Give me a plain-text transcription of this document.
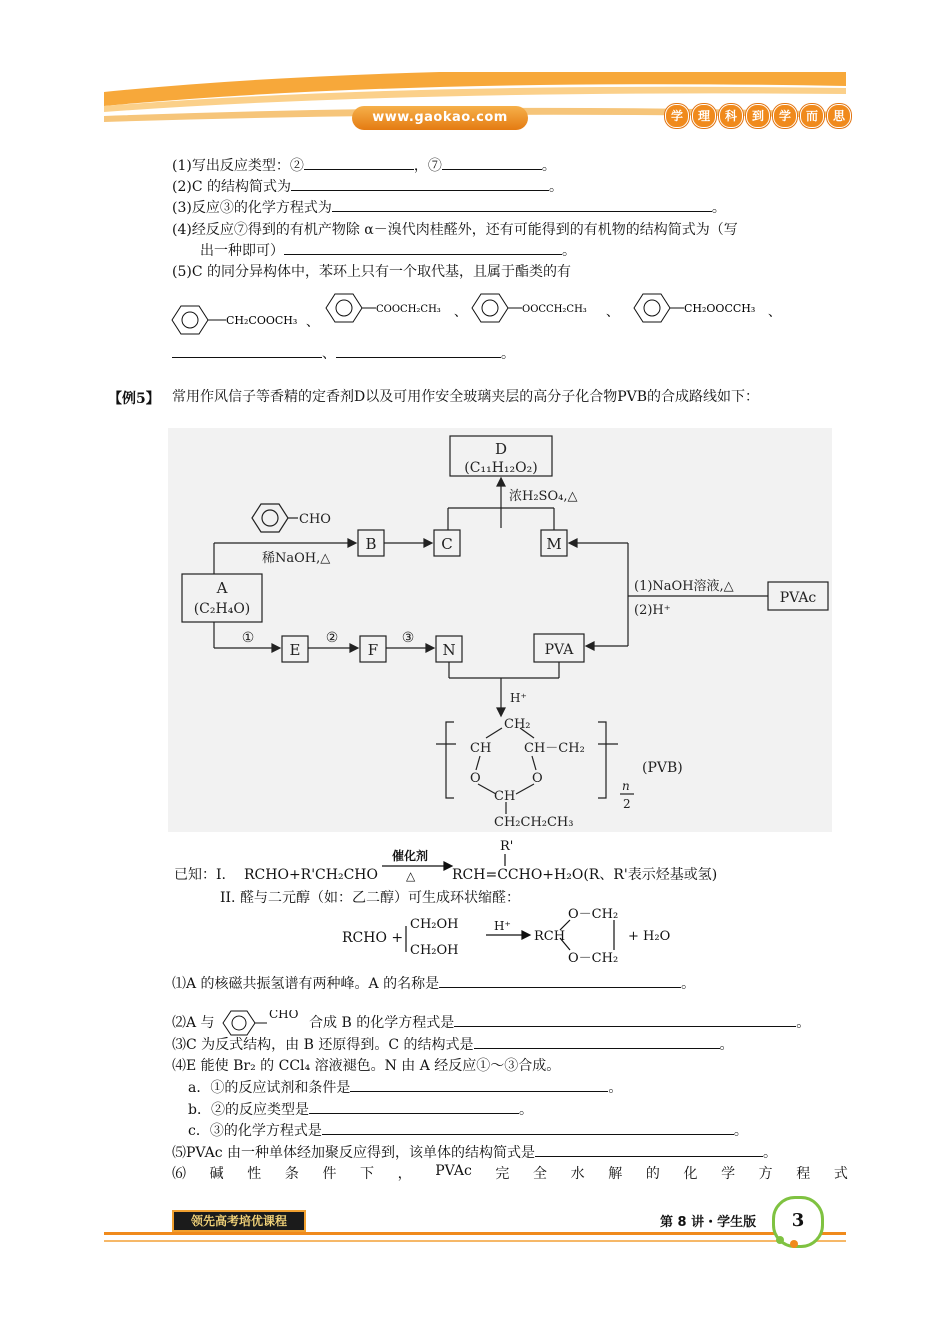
www.gaokao.com	学	理	科	到	学	而	思
(1)写出反应类型：②	，⑦	。
(2)C 的结构简式为	。
(3)反应③的化学方程式为	。
(4)经反应⑦得到的有机产物除 α－溴代肉桂醛外，还有可能得到的有机物的结构简式为（写
出一种即可）	。
(5)C 的同分异构体中，苯环上只有一个取代基，且属于酯类的有
CH₂COOCH₃ 、
COOCH₂CH₃ 、	OOCCH₂CH₃ 、	CH₂OOCCH₃ 、
、	。
【例5】 常用作风信子等香精的定香剂D以及可用作安全玻璃夹层的高分子化合物PVB的合成路线如下：
D
(C₁₁H₁₂O₂)
浓H₂SO₄,△
CHO
稀NaOH,△
B	C	M
A
(C₂H₄O)
(1)NaOH溶液,△
(2)H⁺
PVAc
①	②	③
E	F	N	PVA
H⁺
CH₂
CH	CH－CH₂
O	O
CH
CH₂CH₂CH₃
n
2
(PVB)
已知：I. RCHO+R'CH₂CHO
催化剂
△
R'
RCH=CCHO+H₂O(R、R'表示烃基或氢)
II. 醛与二元醇（如：乙二醇）可生成环状缩醛：
RCHO +
CH₂OH
CH₂OH
H⁺
O－CH₂
RCH
O－CH₂
+ H₂O
⑴A 的核磁共振氢谱有两种峰。A 的名称是	。
⑵A 与
CHO
合成 B 的化学方程式是	。
⑶C 为反式结构，由 B 还原得到。C 的结构式是	。
⑷E 能使 Br₂ 的 CCl₄ 溶液褪色。N 由 A 经反应①～③合成。
a．①的反应试剂和条件是	。
b．②的反应类型是	。
c．③的化学方程式是	。
⑸PVAc 由一种单体经加聚反应得到，该单体的结构简式是	。
⑹ 碱 性 条 件 下 ， PVAc 完 全 水 解 的 化 学 方 程 式
领先高考培优课程	第 8 讲・学生版	3
